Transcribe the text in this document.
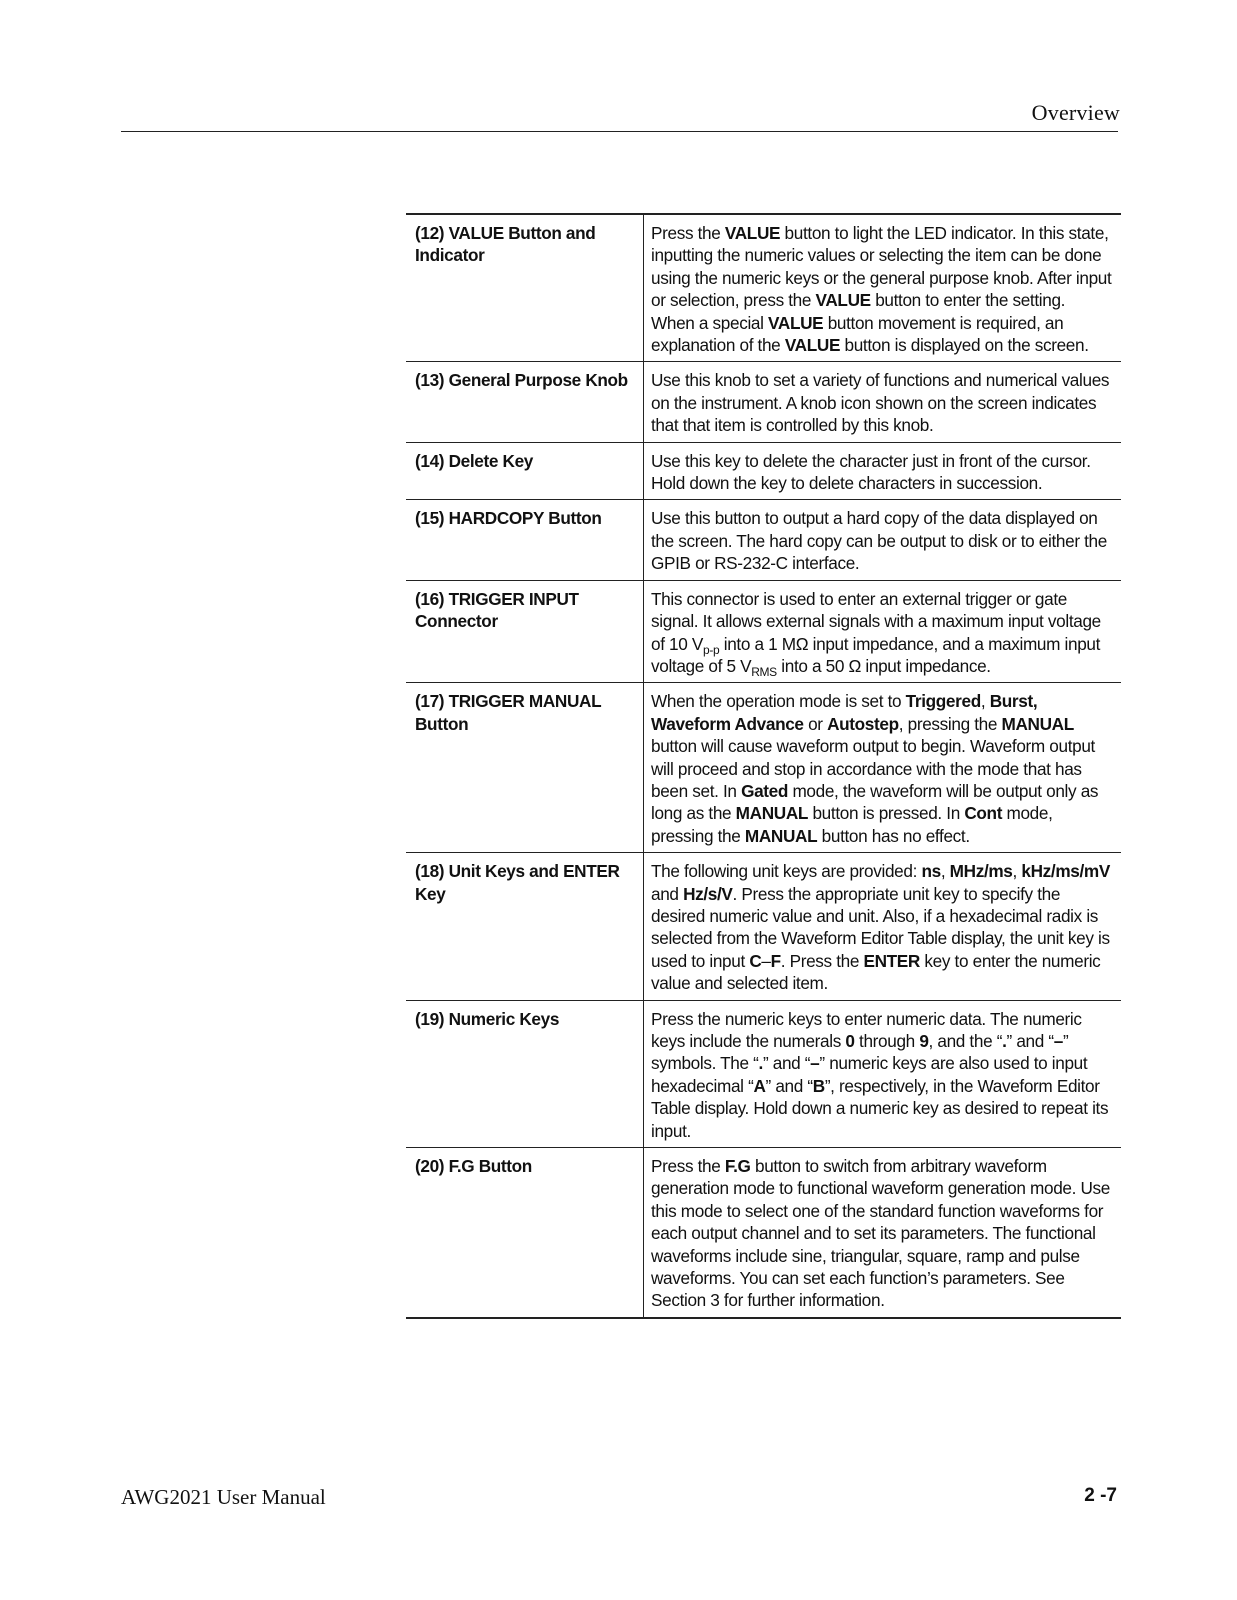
Overview
(12) VALUE Button and Indicator	Press the VALUE button to light the LED indicator. In this state, inputting the numeric values or selecting the item can be done using the numeric keys or the general purpose knob. After input or selection, press the VALUE button to enter the setting. When a special VALUE button movement is required, an explanation of the VALUE button is displayed on the screen.
(13) General Purpose Knob	Use this knob to set a variety of functions and numerical values on the instrument. A knob icon shown on the screen indicates that that item is controlled by this knob.
(14) Delete Key	Use this key to delete the character just in front of the cursor. Hold down the key to delete characters in succession.
(15) HARDCOPY Button	Use this button to output a hard copy of the data displayed on the screen. The hard copy can be output to disk or to either the GPIB or RS-232-C interface.
(16) TRIGGER INPUT Connector	This connector is used to enter an external trigger or gate signal. It allows external signals with a maximum input voltage of 10 $V_{p-p}$ into a 1 MΩ input impedance, and a maximum input voltage of 5 $V_{RMS}$ into a 50 Ω input impedance.
(17) TRIGGER MANUAL Button	When the operation mode is set to Triggered, Burst, Waveform Advance or Autostep, pressing the MANUAL button will cause waveform output to begin. Waveform output will proceed and stop in accordance with the mode that has been set. In Gated mode, the waveform will be output only as long as the MANUAL button is pressed. In Cont mode, pressing the MANUAL button has no effect.
(18) Unit Keys and ENTER Key	The following unit keys are provided: ns, MHz/ms, kHz/ms/mV and Hz/s/V. Press the appropriate unit key to specify the desired numeric value and unit. Also, if a hexadecimal radix is selected from the Waveform Editor Table display, the unit key is used to input C–F. Press the ENTER key to enter the numeric value and selected item.
(19) Numeric Keys	Press the numeric keys to enter numeric data. The numeric keys include the numerals 0 through 9, and the “.” and “–” symbols. The “.” and “–” numeric keys are also used to input hexadecimal “A” and “B”, respectively, in the Waveform Editor Table display. Hold down a numeric key as desired to repeat its input.
(20) F.G Button	Press the F.G button to switch from arbitrary waveform generation mode to functional waveform generation mode. Use this mode to select one of the standard function waveforms for each output channel and to set its parameters. The functional waveforms include sine, triangular, square, ramp and pulse waveforms. You can set each function’s parameters. See Section 3 for further information.
AWG2021 User Manual	2 -7
